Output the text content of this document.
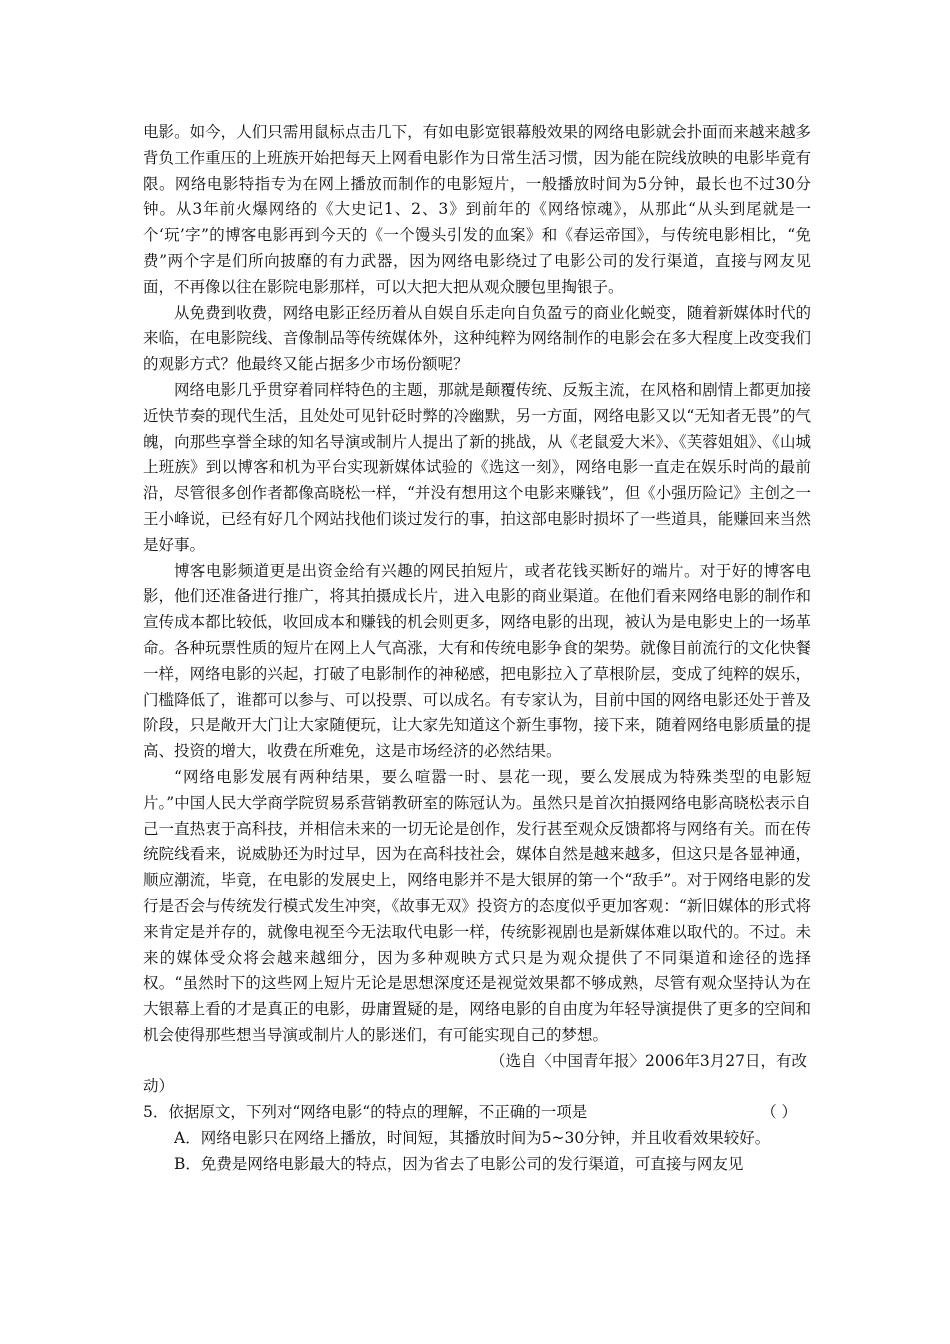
电影。如今，人们只需用鼠标点击几下，有如电影宽银幕般效果的网络电影就会扑面而来越来越多背负工作重压的上班族开始把每天上网看电影作为日常生活习惯，因为能在院线放映的电影毕竟有限。网络电影特指专为在网上播放而制作的电影短片，一般播放时间为5分钟，最长也不过30分钟。从3年前火爆网络的《大史记1、2、3》到前年的《网络惊魂》，从那此“从头到尾就是一个‘玩’字”的博客电影再到今天的《一个馒头引发的血案》和《春运帝国》，与传统电影相比，“免费”两个字是们所向披靡的有力武器，因为网络电影绕过了电影公司的发行渠道，直接与网友见面，不再像以往在影院电影那样，可以大把大把从观众腰包里掏银子。

从免费到收费，网络电影正经历着从自娱自乐走向自负盈亏的商业化蜕变，随着新媒体时代的来临，在电影院线、音像制品等传统媒体外，这种纯粹为网络制作的电影会在多大程度上改变我们的观影方式？他最终又能占据多少市场份额呢？

网络电影几乎贯穿着同样特色的主题，那就是颠覆传统、反叛主流，在风格和剧情上都更加接近快节奏的现代生活，且处处可见针砭时弊的冷幽默，另一方面，网络电影又以“无知者无畏”的气魄，向那些享誉全球的知名导演或制片人提出了新的挑战，从《老鼠爱大米》、《芙蓉姐姐》、《山城上班族》到以博客和机为平台实现新媒体试验的《选这一刻》，网络电影一直走在娱乐时尚的最前沿，尽管很多创作者都像高晓松一样，“并没有想用这个电影来赚钱”，但《小强历险记》主创之一王小峰说，已经有好几个网站找他们谈过发行的事，拍这部电影时损坏了一些道具，能赚回来当然是好事。

博客电影频道更是出资金给有兴趣的网民拍短片，或者花钱买断好的端片。对于好的博客电影，他们还准备进行推广，将其拍摄成长片，进入电影的商业渠道。在他们看来网络电影的制作和宣传成本都比较低，收回成本和赚钱的机会则更多，网络电影的出现，被认为是电影史上的一场革命。各种玩票性质的短片在网上人气高涨，大有和传统电影争食的架势。就像目前流行的文化快餐一样，网络电影的兴起，打破了电影制作的神秘感，把电影拉入了草根阶层，变成了纯粹的娱乐，门槛降低了，谁都可以参与、可以投票、可以成名。有专家认为，目前中国的网络电影还处于普及阶段，只是敞开大门让大家随便玩，让大家先知道这个新生事物，接下来，随着网络电影质量的提高、投资的增大，收费在所难免，这是市场经济的必然结果。

“网络电影发展有两种结果，要么喧嚣一时、昙花一现，要么发展成为特殊类型的电影短片。”中国人民大学商学院贸易系营销教研室的陈冠认为。虽然只是首次拍摄网络电影高晓松表示自己一直热衷于高科技，并相信未来的一切无论是创作，发行甚至观众反馈都将与网络有关。而在传统院线看来，说威胁还为时过早，因为在高科技社会，媒体自然是越来越多，但这只是各显神通，顺应潮流，毕竟，在电影的发展史上，网络电影并不是大银屏的第一个“敌手”。对于网络电影的发行是否会与传统发行模式发生冲突，《故事无双》投资方的态度似乎更加客观：“新旧媒体的形式将来肯定是并存的，就像电视至今无法取代电影一样，传统影视剧也是新媒体难以取代的。不过。未来的媒体受众将会越来越细分，因为多种观映方式只是为观众提供了不同渠道和途径的选择权。“虽然时下的这些网上短片无论是思想深度还是视觉效果都不够成熟，尽管有观众坚持认为在大银幕上看的才是真正的电影，毋庸置疑的是，网络电影的自由度为年轻导演提供了更多的空间和机会使得那些想当导演或制片人的影迷们，有可能实现自己的梦想。

（选自〈中国青年报〉2006年3月27日，有改

动）

5．依据原文，下列对“网络电影“的特点的理解，不正确的一项是	（ ）

A．网络电影只在网络上播放，时间短，其播放时间为5~30分钟，并且收看效果较好。

B．免费是网络电影最大的特点，因为省去了电影公司的发行渠道，可直接与网友见
